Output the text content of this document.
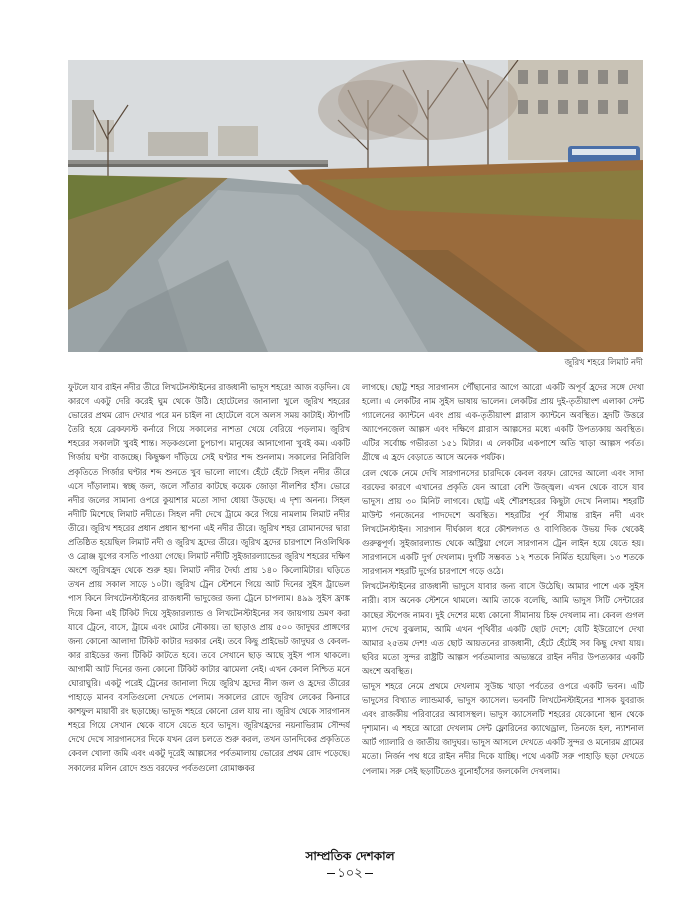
জুরিখ শহরে লিমাট নদী

ফুটলে যাব রাইন নদীর তীরে লিখটেনস্টাইনের রাজধানী ভাদুস শহরে! আজ বড়দিন। যে কারণে একটু দেরি করেই ঘুম থেকে উঠি। হোটেলের জানালা খুলে জুরিখ শহরের ভোরের প্রথম রোদ দেখার পরে মন চাইল না হোটেলে বসে অলস সময় কাটাই। স্টাপটি তৈরি হয়ে ব্রেকফাস্ট কর্নারে গিয়ে সকালের নাশতা খেয়ে বেরিয়ে পড়লাম। জুরিখ শহরের সকালটা খুবই শান্ত। সড়কগুলো চুপচাপ। মানুষের আনাগোনা খুবই কম। একটি গির্জায় ঘণ্টা বাজচ্ছে। কিছুক্ষণ দাঁড়িয়ে সেই ঘণ্টার শব্দ শুনলাম। সকালের নিরিবিলি প্রকৃতিতে গির্জার ঘণ্টার শব্দ শুনতে খুব ভালো লাগে। হেঁটে হেঁটে সিহল নদীর তীরে এসে দাঁড়ালাম। স্বচ্ছ জল, জলে সাঁতার কাটছে কয়েক জোড়া নীলশির হাঁস। ভোরে নদীর জলের সামান্য ওপরে কুয়াশার মতো সাদা ধোয়া উড়ছে। এ দৃশ্য অনন্য। সিহল নদীটি মিশেছে লিমাট নদীতে। সিহল নদী দেখে ট্রামে করে গিয়ে নামলাম লিমাট নদীর তীরে। জুরিখ শহরের প্রধান প্রধান স্থাপনা এই নদীর তীরে। জুরিখ শহর রোমানদের দ্বারা প্রতিষ্ঠিত হয়েছিল লিমাট নদী ও জুরিখ হ্রদের তীরে। জুরিখ হ্রদের চারপাশে নিওলিথিক ও ব্রোঞ্জ যুগের বসতি পাওয়া গেছে। লিমাট নদীটি সুইজারল্যান্ডের জুরিখ শহরের দক্ষিণ অংশে জুরিখহ্রদ থেকে শুরু হয়। লিমাট নদীর দৈর্ঘ্য প্রায় ১৪০ কিলোমিটার। ঘড়িতে তখন প্রায় সকাল সাড়ে ১০টা। জুরিখ ট্রেন স্টেশনে গিয়ে আট দিনের সুইস ট্রাভেল পাস কিনে লিখটেনস্টাইনের রাজধানী ভাদুজের জন্য ট্রেনে চাপলাম। ৪৯৯ সুইস ফ্রাঙ্ক দিয়ে কিনা এই টিকিট দিয়ে সুইজারল্যান্ড ও লিখটেনস্টাইনের সব জায়গায় ভ্রমণ করা যাবে ট্রেনে, বাসে, ট্রামে এবং মোটর নৌকায়। তা ছাড়াও প্রায় ৫০০ জাদুঘর প্রাঙ্গণের জন্য কোনো আলাদা টিকিট কাটার দরকার নেই। তবে কিছু প্রাইভেট জাদুঘর ও কেবল-কার রাইডের জন্য টিকিট কাটতে হবে। তবে সেখানে ছাড় আছে সুইস পাস থাকলে। আগামী আট দিনের জন্য কোনো টিকিট কাটার ঝামেলা নেই। এখন কেবল নিশ্চিত মনে ঘোরাঘুরি। একটু পরেই ট্রেনের জানালা দিয়ে জুরিখ হ্রদের নীল জল ও হ্রদের তীরের পাহাড়ে মানব বসতিগুলো দেখতে পেলাম। সকালের রোদে জুরিখ লেকের কিনারে কাশফুল মায়াবী রং ছড়াচ্ছে। ভাদুজ শহরে কোনো রেল যায় না। জুরিখ থেকে সারগানস শহরে গিয়ে সেখান থেকে বাসে যেতে হবে ভাদুস। জুরিখহ্রদের নয়নাভিরাম সৌন্দর্য দেখে দেখে সারগানসের দিকে যখন রেল চলতে শুরু করল, তখন ডানদিকের প্রকৃতিতে কেবল খোলা জমি এবং একটু দূরেই আল্পসের পর্বতমালায় ভোরের প্রথম রোদ পড়েছে। সকালের মলিন রোদে শুভ্র বরফের পর্বতগুলো রোমাঞ্চকর

লাগছে। ছোট্ট শহর সারগানস পৌঁছানোর আগে আরো একটি অপূর্ব হ্রদের সঙ্গে দেখা হলো। এ লেকটির নাম সুইস ভাষায় ভালেন। লেকটির প্রায় দুই-তৃতীয়াংশ এলাকা সেন্ট গ্যালেনের ক্যান্টনে এবং প্রায় এক-তৃতীয়াংশ গ্লারাস ক্যান্টনে অবস্থিত। হ্রদটি উত্তরে অ্যাপেনজেল আল্পস এবং দক্ষিণে গ্লারাস আল্পসের মধ্যে একটি উপত্যকায় অবস্থিত। এটির সর্বোচ্চ গভীরতা ১৫১ মিটার। এ লেকটির একপাশে অতি খাড়া আল্পস পর্বত। গ্রীষ্মে এ হ্রদে বেড়াতে আসে অনেক পর্যটক।

রেল থেকে নেমে দেখি সারগানসের চারদিকে কেবল বরফ। রোদের আলো এবং সাদা বরফের কারণে এখানের প্রকৃতি যেন আরো বেশি উজ্জ্বল। এখন থেকে বাসে যাব ভাদুস। প্রায় ৩০ মিনিট লাগবে। ছোট্ট এই শৌরশহরের কিছুটা দেখে নিলাম। শহরটি মাউন্ট গনজেনের পাদদেশে অবস্থিত। শহরটির পূর্ব সীমান্ত রাইন নদী এবং লিখটেনস্টাইন। সারগান দীর্ঘকাল ধরে কৌশলগত ও বাণিজ্যিক উভয় দিক থেকেই গুরুত্বপূর্ণ। সুইজারল্যান্ড থেকে অস্ট্রিয়া গেলে সারগানস ট্রেন লাইন হয়ে যেতে হয়। সারগানসে একটি দুর্গ দেখলাম। দুর্গটি সম্ভবত ১২ শতকে নির্মিত হয়েছিল। ১৩ শতকে সারগানস শহরটি দুর্গের চারপাশে গড়ে ওঠে।

লিখটেনস্টাইনের রাজধানী ভাদুসে যাবার জন্য বাসে উঠেছি। আমার পাশে এক সুইস নারী। বাস অনেক স্টেশনে থামলে। আমি তাকে বলেছি, আমি ভাদুস সিটি সেন্টারের কাছের স্টপেজ নামব। দুই দেশের মধ্যে কোনো সীমানায় চিহ্ন দেখলাম না। কেবল গুগল ম্যাপ দেখে বুঝলাম, আমি এখন পৃথিবীর একটি ছোট দেশে; যেটি ইউরোপে দেখা আমার ২৫তম দেশ! এত ছোট আয়তনের রাজধানী, হেঁটে হেঁটেই সব কিছু দেখা যায়। ছবির মতো সুন্দর রাষ্ট্রটি আল্পস পর্বতমালার অভ্যন্তরে রাইন নদীর উপত্যকার একটি অংশে অবস্থিত।

ভাদুস শহরে নেমে প্রথমে দেখলাম সুউচ্চ খাড়া পর্বতের ওপরে একটি ভবন। এটি ভাদুসের বিখ্যাত ল্যান্ডমার্ক, ভাদুস ক্যাসেল। ভবনটি লিখটেনস্টাইনের শাসক যুবরাজ এবং রাজকীয় পরিবারের আবাসস্থল। ভাদুস ক্যাসেলটি শহরের যেকোনো স্থান থেকে দৃশ্যমান। এ শহরে আরো দেখলাম সেন্ট ফ্লোরিনের ক্যাথেড্রাল, তিনজে হল, ন্যাশনাল আর্ট গ্যালারি ও জাতীয় জাদুঘর। ভাদুস আসলে দেখতে একটি সুন্দর ও মনোরম গ্রামের মতো। নির্জন পথ ধরে রাইন নদীর দিকে যাচ্ছি। পথে একটি সরু পাহাড়ি ছড়া দেখতে পেলাম। সরু সেই ছড়াটিতেও বুনোহাঁসের জলকেলি দেখলাম।

সাম্প্রতিক দেশকাল
১০২
